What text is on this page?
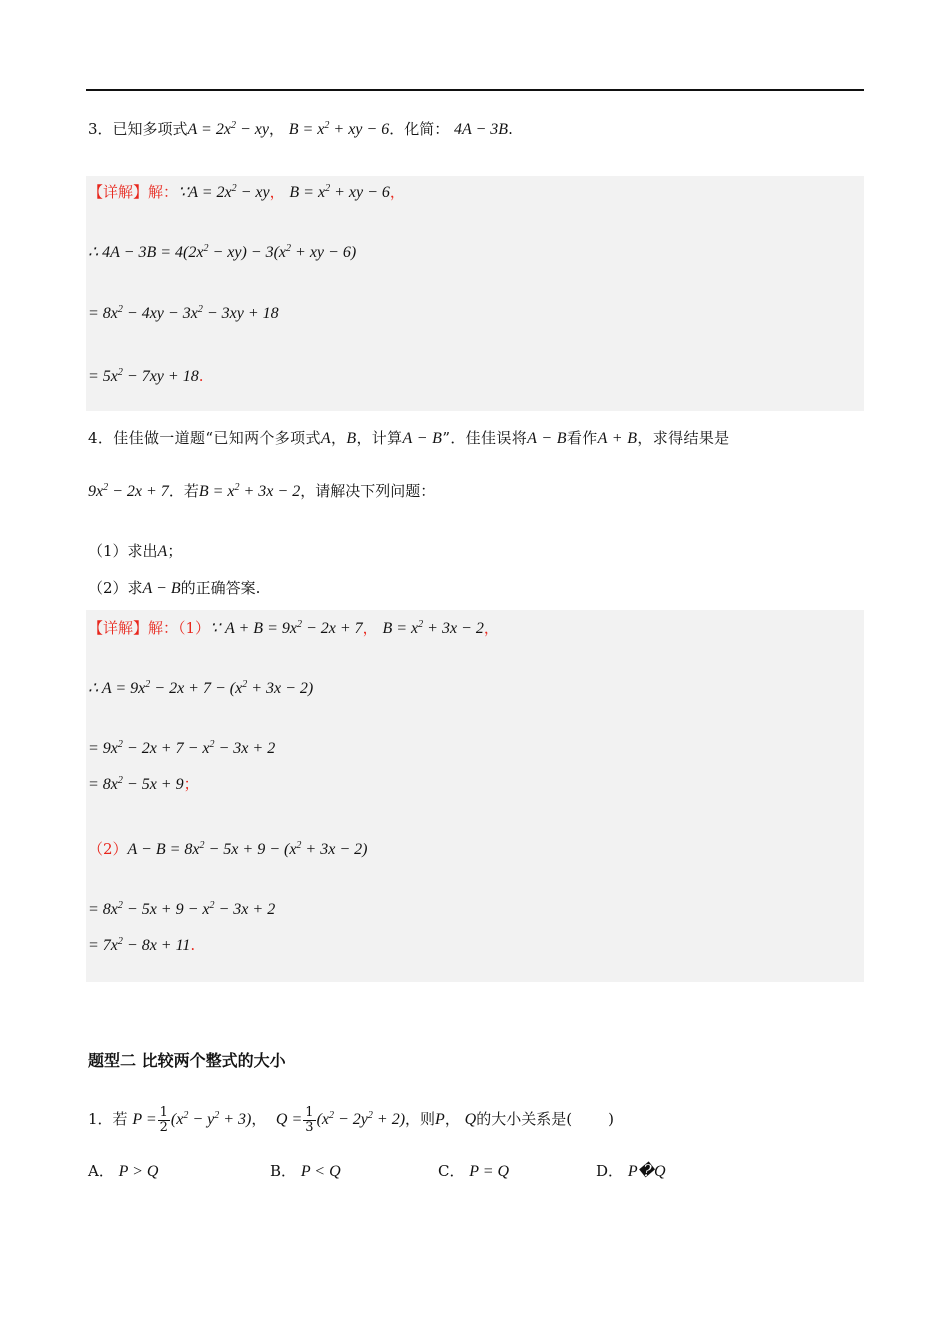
3．已知多项式$A = 2x^2$ − xy， $B = x^2$ + xy − 6．化简： 4A − 3B.
【详解】解：∵A = $2x^2$ − xy， $B = x^2$ + xy − 6，
∴ $4A - 3B = 4(2x^2 - xy) - 3(x^2$ + xy − 6)
= $8x^2 - 4xy - 3x^2 - 3xy + 18$
= $5x^2 - 7xy + 18$.
4．佳佳做一道题“已知两个多项式A，B，计算A − B”．佳佳误将A − B看作A + B，求得结果是
$9x^2 - 2x + 7$．若$B = x^2 + 3x - 2$，请解决下列问题：
（1）求出A；
（2）求A − B的正确答案.
【详解】解：（1）∵ $A + B = 9x^2 - 2x + 7$， $B = x^2 + 3x - 2$，
∴ $A = 9x^2 - 2x + 7 - (x^2 + 3x - 2)$
= $9x^2 - 2x + 7 - x^2 - 3x + 2$
= $8x^2 - 5x + 9$；
$(2)A - B = 8x^2 - 5x + 9 - (x^2 + 3x - 2)$
= $8x^2 - 5x + 9 - x^2 - 3x + 2$
= $7x^2 - 8x + 11$.
题型二 比较两个整式的大小
1．若 $P = \frac{1}{2} (x^2 - y^2 + 3)$， $Q = \frac{1}{3} (x^2 - 2y^2 + 2)$，则P， Q的大小关系是( )
A． P > Q	B． P < Q	C． P = Q	D． P�Q
